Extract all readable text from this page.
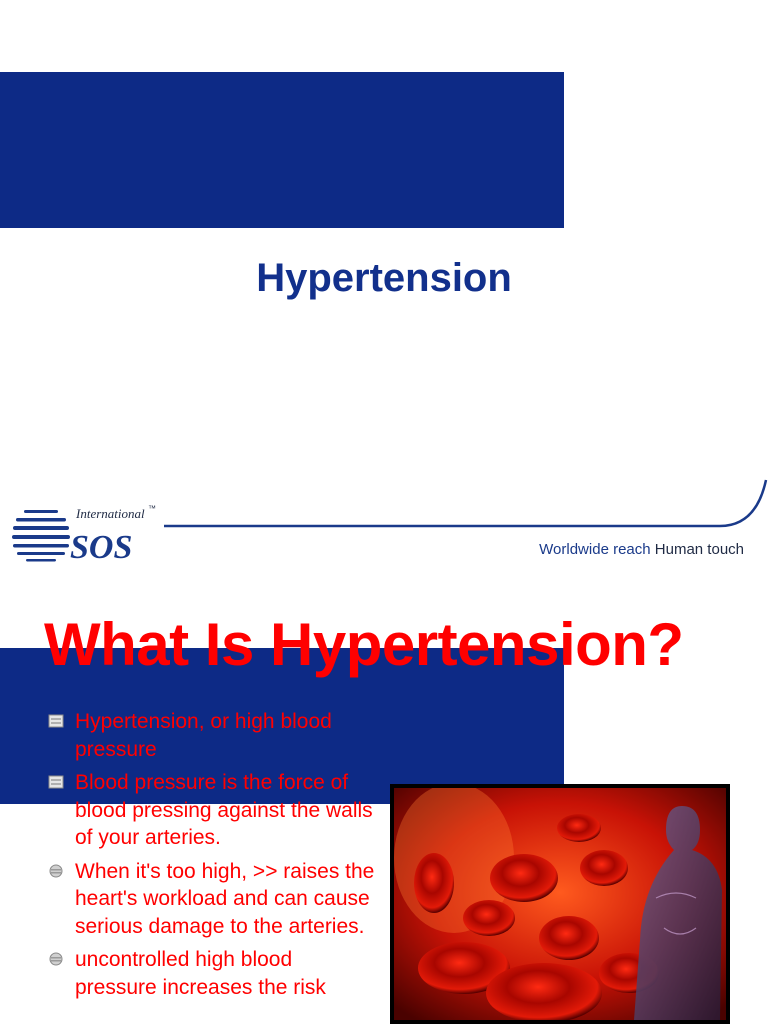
Hypertension
International ™
SOS	Worldwide reach Human touch
What Is Hypertension?
Hypertension, or high blood pressure
Blood pressure is the force of blood pressing against the walls of your arteries.
When it's too high, >> raises the heart's workload and can cause serious damage to the arteries.
uncontrolled high blood pressure increases the risk
